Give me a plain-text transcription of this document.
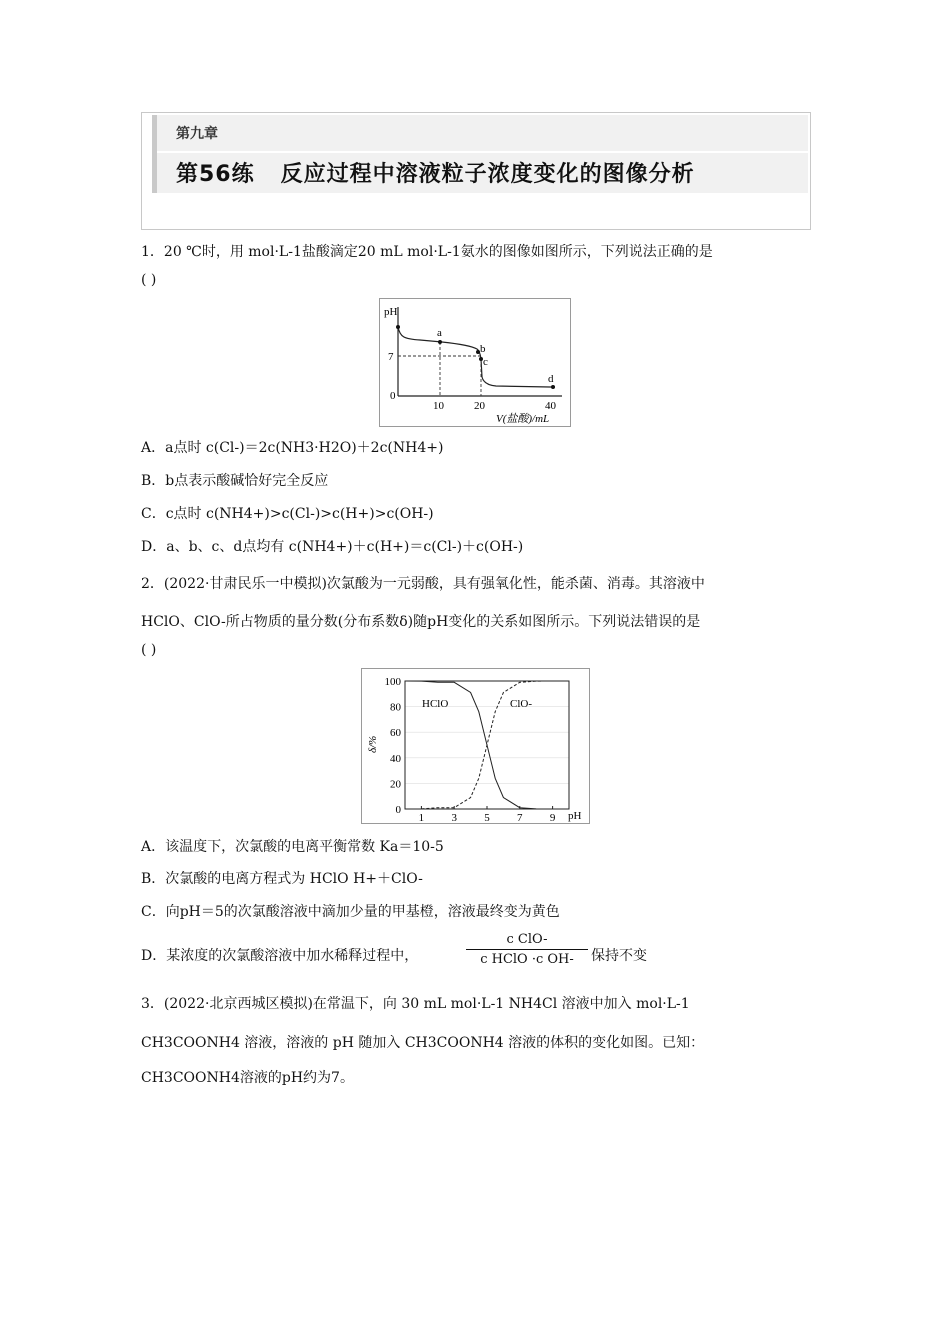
第九章
第56练 反应过程中溶液粒子浓度变化的图像分析
1．20 ℃时，用 mol·L-1盐酸滴定20 mL mol·L-1氨水的图像如图所示，下列说法正确的是
( )
pH
a
b
c
d
7
0
10	20	40
V(盐酸)/mL
A．a点时 c(Cl-)＝2c(NH3·H2O)＋2c(NH4+)
B．b点表示酸碱恰好完全反应
C．c点时 c(NH4+)>c(Cl-)>c(H+)>c(OH-)
D．a、b、c、d点均有 c(NH4+)＋c(H+)＝c(Cl-)＋c(OH-)
2．(2022·甘肃民乐一中模拟)次氯酸为一元弱酸，具有强氧化性，能杀菌、消毒。其溶液中
HClO、ClO-所占物质的量分数(分布系数δ)随pH变化的关系如图所示。下列说法错误的是
( )
0
20
40
60
80
100
1 3 5 7 9
HClO	ClO-
pH
δ/%
A．该温度下，次氯酸的电离平衡常数 Ka＝10-5
B．次氯酸的电离方程式为 HClO H+＋ClO-
C．向pH＝5的次氯酸溶液中滴加少量的甲基橙，溶液最终变为黄色
D．某浓度的次氯酸溶液中加水稀释过程中，
c ClO-
c HClO ·c OH-	保持不变
3．(2022·北京西城区模拟)在常温下，向 30 mL mol·L-1 NH4Cl 溶液中加入 mol·L-1
CH3COONH4 溶液，溶液的 pH 随加入 CH3COONH4 溶液的体积的变化如图。已知：
CH3COONH4溶液的pH约为7。
